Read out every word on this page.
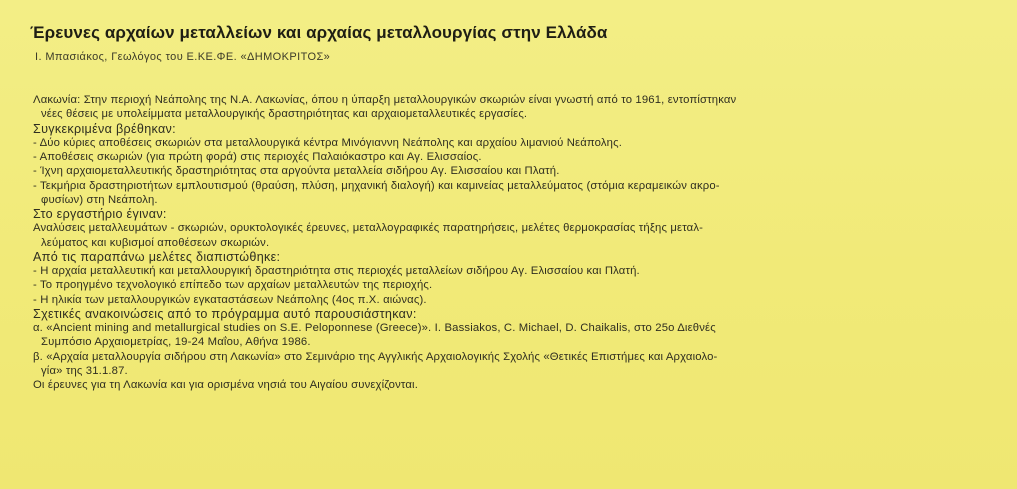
Έρευνες αρχαίων μεταλλείων και αρχαίας μεταλλουργίας στην Ελλάδα
Ι. Μπασιάκος, Γεωλόγος του Ε.ΚΕ.ΦΕ. «ΔΗΜΟΚΡΙΤΟΣ»
Λακωνία: Στην περιοχή Νεάπολης της Ν.Α. Λακωνίας, όπου η ύπαρξη μεταλλουργικών σκωριών είναι γνωστή από το 1961, εντοπίστηκαν
νέες θέσεις με υπολείμματα μεταλλουργικής δραστηριότητας και αρχαιομεταλλευτικές εργασίες.
Συγκεκριμένα βρέθηκαν:
- Δύο κύριες αποθέσεις σκωριών στα μεταλλουργικά κέντρα Μινόγιαννη Νεάπολης και αρχαίου λιμανιού Νεάπολης.
- Αποθέσεις σκωριών (για πρώτη φορά) στις περιοχές Παλαιόκαστρο και Αγ. Ελισσαίος.
- Ίχνη αρχαιομεταλλευτικής δραστηριότητας στα αργούντα μεταλλεία σιδήρου Αγ. Ελισσαίου και Πλατή.
- Τεκμήρια δραστηριοτήτων εμπλουτισμού (θραύση, πλύση, μηχανική διαλογή) και καμινείας μεταλλεύματος (στόμια κεραμεικών ακρο-
φυσίων) στη Νεάπολη.
Στο εργαστήριο έγιναν:
Αναλύσεις μεταλλευμάτων - σκωριών, ορυκτολογικές έρευνες, μεταλλογραφικές παρατηρήσεις, μελέτες θερμοκρασίας τήξης μεταλ-
λεύματος και κυβισμοί αποθέσεων σκωριών.
Από τις παραπάνω μελέτες διαπιστώθηκε:
- Η αρχαία μεταλλευτική και μεταλλουργική δραστηριότητα στις περιοχές μεταλλείων σιδήρου Αγ. Ελισσαίου και Πλατή.
- Το προηγμένο τεχνολογικό επίπεδο των αρχαίων μεταλλευτών της περιοχής.
- Η ηλικία των μεταλλουργικών εγκαταστάσεων Νεάπολης (4ος π.Χ. αιώνας).
Σχετικές ανακοινώσεις από το πρόγραμμα αυτό παρουσιάστηκαν:
α. «Ancient mining and metallurgical studies on S.E. Peloponnese (Greece)». I. Bassiakos, C. Michael, D. Chaikalis, στο 25ο Διεθνές
Συμπόσιο Αρχαιομετρίας, 19-24 Μαΐου, Αθήνα 1986.
β. «Αρχαία μεταλλουργία σιδήρου στη Λακωνία» στο Σεμινάριο της Αγγλικής Αρχαιολογικής Σχολής «Θετικές Επιστήμες και Αρχαιολο-
γία» της 31.1.87.
Οι έρευνες για τη Λακωνία και για ορισμένα νησιά του Αιγαίου συνεχίζονται.
